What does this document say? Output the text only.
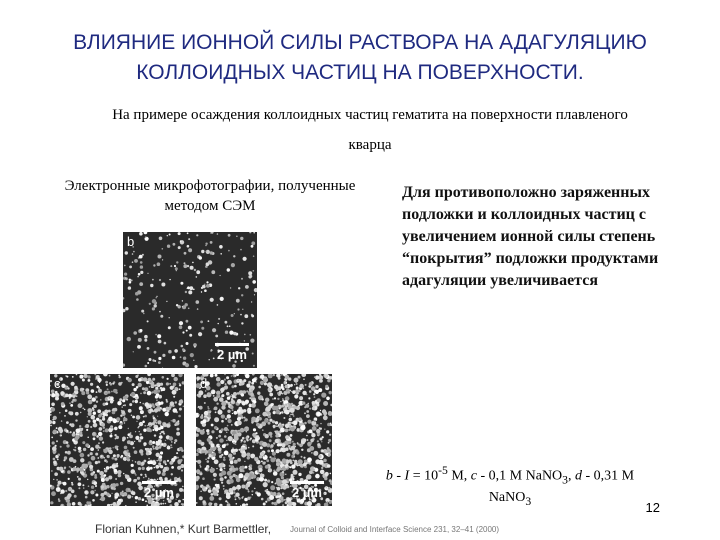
ВЛИЯНИЕ ИОННОЙ СИЛЫ РАСТВОРА НА АДАГУЛЯЦИЮ
КОЛЛОИДНЫХ ЧАСТИЦ НА ПОВЕРХНОСТИ.
На примере осаждения коллоидных частиц гематита на поверхности плавленого
кварца
Электронные микрофотографии, полученные методом СЭМ
Для противоположно заряженных подложки и коллоидных частиц с увеличением ионной силы степень “покрытия” подложки продуктами адагуляции увеличивается
b
2 µm
c
2 µm
d
2 µm
$b - I = 10^{-5}$ M, c - 0,1 M NaNO$_3$, d - 0,31 M
NaNO$_3$	12
Florian Kuhnen,* Kurt Barmettler, Journal of Colloid and Interface Science 231, 32–41 (2000)
